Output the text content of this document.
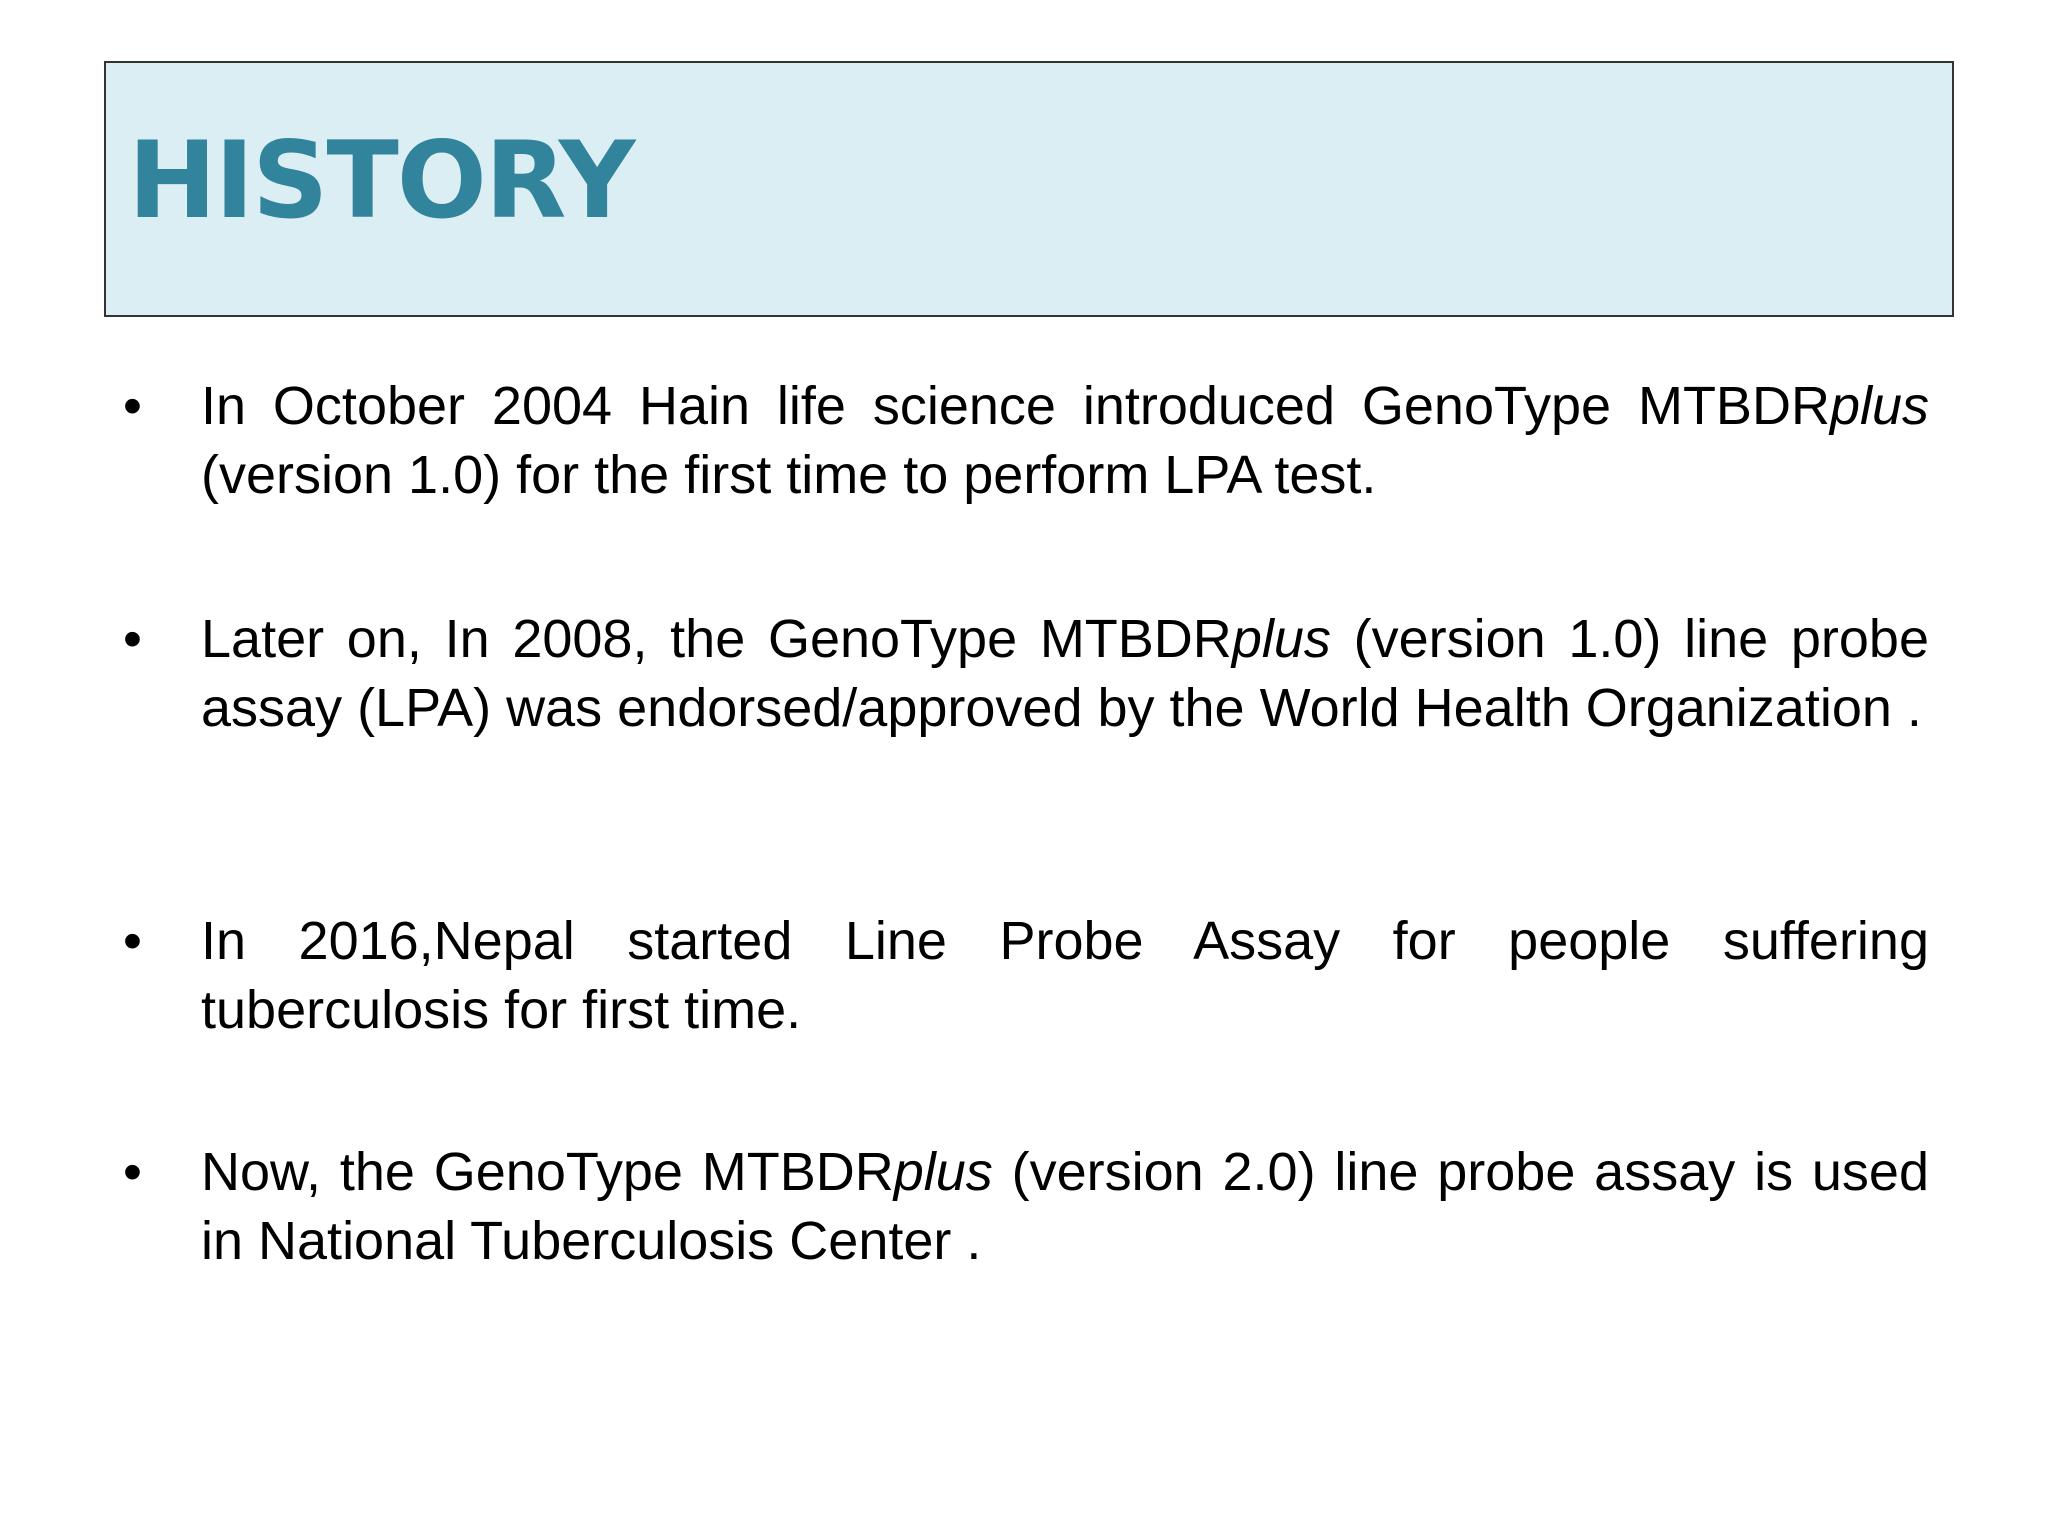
HISTORY
• In October 2004 Hain life science introduced GenoType MTBDRplus (version 1.0) for the first time to perform LPA test.
• Later on, In 2008, the GenoType MTBDRplus (version 1.0) line probe assay (LPA) was endorsed/approved by the World Health Organization .
• In 2016,Nepal started Line Probe Assay for people suffering tuberculosis for first time.
• Now, the GenoType MTBDRplus (version 2.0) line probe assay is used in National Tuberculosis Center .
